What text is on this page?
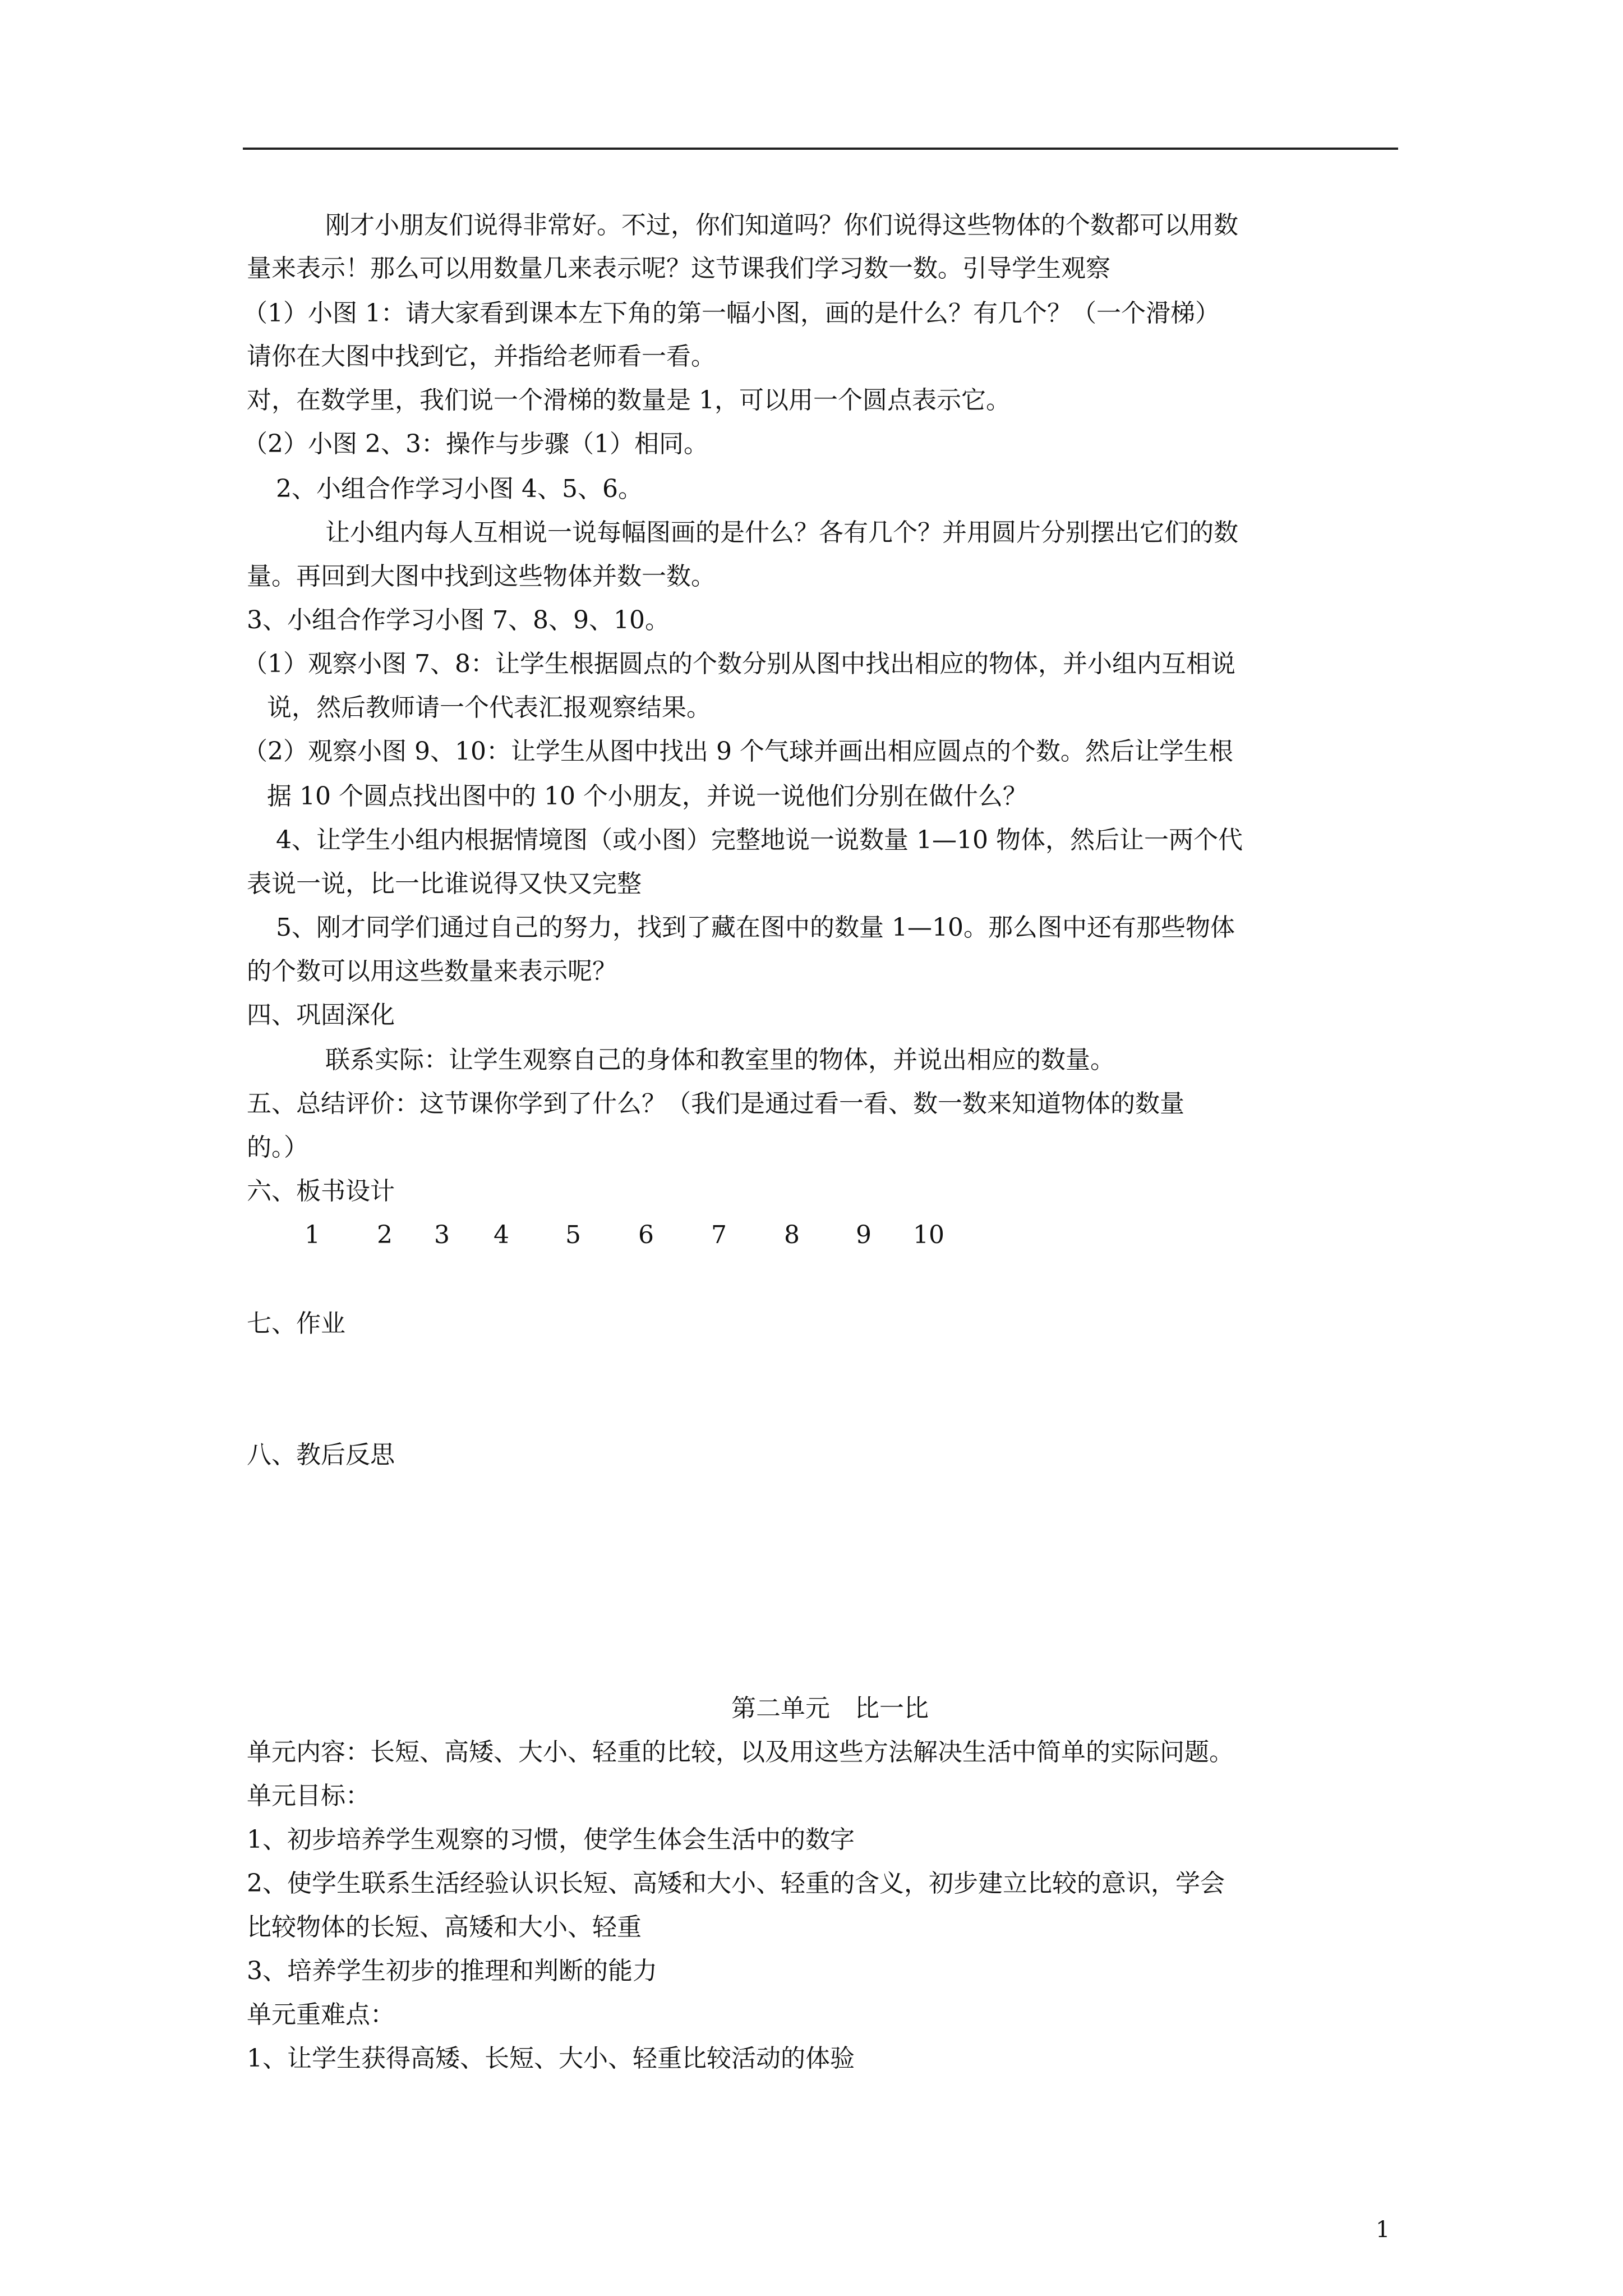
刚才小朋友们说得非常好。不过，你们知道吗？你们说得这些物体的个数都可以用数
量来表示！那么可以用数量几来表示呢？这节课我们学习数一数。引导学生观察
（1）小图 1：请大家看到课本左下角的第一幅小图，画的是什么？有几个？（一个滑梯）
请你在大图中找到它，并指给老师看一看。
对，在数学里，我们说一个滑梯的数量是 1，可以用一个圆点表示它。
（2）小图 2、3：操作与步骤（1）相同。
2、小组合作学习小图 4、5、6。
让小组内每人互相说一说每幅图画的是什么？各有几个？并用圆片分别摆出它们的数
量。再回到大图中找到这些物体并数一数。
3、小组合作学习小图 7、8、9、10。
（1）观察小图 7、8：让学生根据圆点的个数分别从图中找出相应的物体，并小组内互相说
说，然后教师请一个代表汇报观察结果。
（2）观察小图 9、10：让学生从图中找出 9 个气球并画出相应圆点的个数。然后让学生根
据 10 个圆点找出图中的 10 个小朋友，并说一说他们分别在做什么？
4、让学生小组内根据情境图（或小图）完整地说一说数量 1—10 物体，然后让一两个代
表说一说，比一比谁说得又快又完整
5、刚才同学们通过自己的努力，找到了藏在图中的数量 1—10。那么图中还有那些物体
的个数可以用这些数量来表示呢？
四、巩固深化
联系实际：让学生观察自己的身体和教室里的物体，并说出相应的数量。
五、总结评价：这节课你学到了什么？（我们是通过看一看、数一数来知道物体的数量
的。）
六、板书设计
1 2 3 4 5 6 7 8 9 10
七、作业
八、教后反思
第二单元　比一比
单元内容：长短、高矮、大小、轻重的比较，以及用这些方法解决生活中简单的实际问题。
单元目标：
1、初步培养学生观察的习惯，使学生体会生活中的数字
2、使学生联系生活经验认识长短、高矮和大小、轻重的含义，初步建立比较的意识，学会
比较物体的长短、高矮和大小、轻重
3、培养学生初步的推理和判断的能力
单元重难点：
1、让学生获得高矮、长短、大小、轻重比较活动的体验
1
